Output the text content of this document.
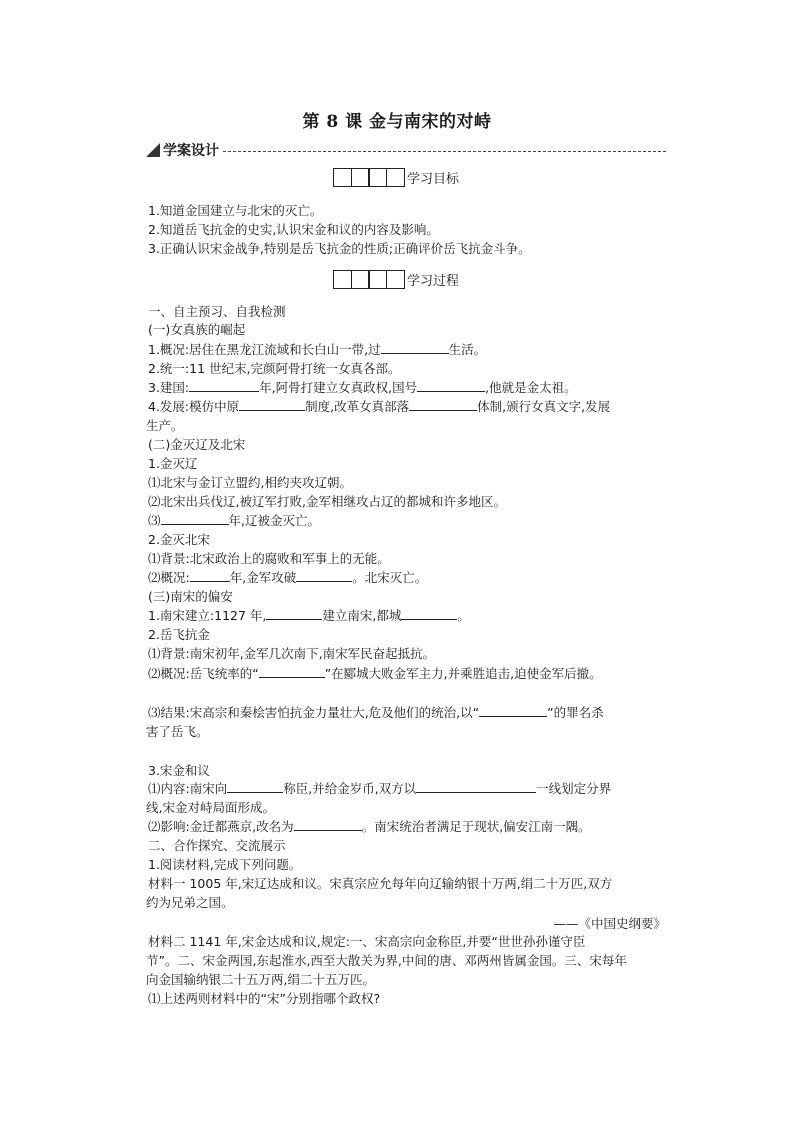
第 8 课 金与南宋的对峙
学案设计
学习目标
1.知道金国建立与北宋的灭亡。
2.知道岳飞抗金的史实,认识宋金和议的内容及影响。
3.正确认识宋金战争,特别是岳飞抗金的性质;正确评价岳飞抗金斗争。
学习过程
一、自主预习、自我检测
(一)女真族的崛起
1.概况:居住在黑龙江流域和长白山一带,过	生活。
2.统一:11 世纪末,完颜阿骨打统一女真各部。
3.建国:	年,阿骨打建立女真政权,国号	,他就是金太祖。
4.发展:模仿中原	制度,改革女真部落	体制,颁行女真文字,发展
生产。
(二)金灭辽及北宋
1.金灭辽
⑴北宋与金订立盟约,相约夹攻辽朝。
⑵北宋出兵伐辽,被辽军打败,金军相继攻占辽的都城和许多地区。
⑶	年,辽被金灭亡。
2.金灭北宋
⑴背景:北宋政治上的腐败和军事上的无能。
⑵概况:	年,金军攻破	。北宋灭亡。
(三)南宋的偏安
1.南宋建立:1127 年,	建立南宋,都城	。
2.岳飞抗金
⑴背景:南宋初年,金军几次南下,南宋军民奋起抵抗。
⑵概况:岳飞统率的“	”在郾城大败金军主力,并乘胜追击,迫使金军后撤。
⑶结果:宋高宗和秦桧害怕抗金力量壮大,危及他们的统治,以“	”的罪名杀
害了岳飞。
3.宋金和议
⑴内容:南宋向	称臣,并给金岁币,双方以	一线划定分界
线,宋金对峙局面形成。
⑵影响:金迁都燕京,改名为	。南宋统治者满足于现状,偏安江南一隅。
二、合作探究、交流展示
1.阅读材料,完成下列问题。
材料一 1005 年,宋辽达成和议。宋真宗应允每年向辽输纳银十万两,绢二十万匹,双方
约为兄弟之国。
——《中国史纲要》
材料二 1141 年,宋金达成和议,规定:一、宋高宗向金称臣,并要“世世孙孙谨守臣
节”。二、宋金两国,东起淮水,西至大散关为界,中间的唐、邓两州皆属金国。三、宋每年
向金国输纳银二十五万两,绢二十五万匹。
⑴上述两则材料中的“宋”分别指哪个政权?
